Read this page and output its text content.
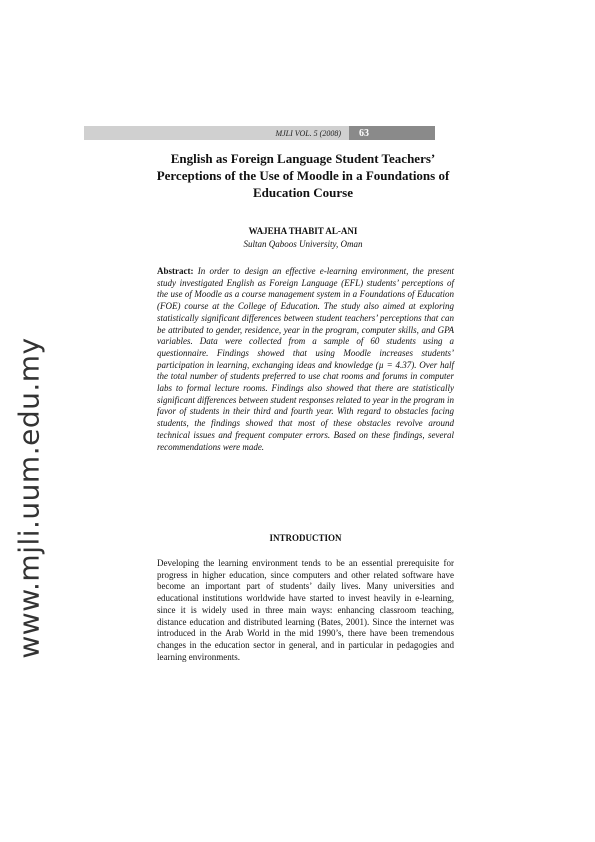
www.mjli.uum.edu.my
MJLI VOL. 5 (2008)	63
English as Foreign Language Student Teachers’ Perceptions of the Use of Moodle in a Foundations of Education Course
WAJEHA THABIT AL-ANI
Sultan Qaboos University, Oman

Abstract: In order to design an effective e-learning environment, the present study investigated English as Foreign Language (EFL) students’ perceptions of the use of Moodle as a course management system in a Foundations of Education (FOE) course at the College of Education. The study also aimed at exploring statistically significant differences between student teachers’ perceptions that can be attributed to gender, residence, year in the program, computer skills, and GPA variables. Data were collected from a sample of 60 students using a questionnaire. Findings showed that using Moodle increases students’ participation in learning, exchanging ideas and knowledge (µ = 4.37). Over half the total number of students preferred to use chat rooms and forums in computer labs to formal lecture rooms. Findings also showed that there are statistically significant differences between student responses related to year in the program in favor of students in their third and fourth year. With regard to obstacles facing students, the findings showed that most of these obstacles revolve around technical issues and frequent computer errors. Based on these findings, several recommendations were made.

INTRODUCTION

Developing the learning environment tends to be an essential prerequisite for progress in higher education, since computers and other related software have become an important part of students’ daily lives. Many universities and educational institutions worldwide have started to invest heavily in e-learning, since it is widely used in three main ways: enhancing classroom teaching, distance education and distributed learning (Bates, 2001). Since the internet was introduced in the Arab World in the mid 1990’s, there have been tremendous changes in the education sector in general, and in particular in pedagogies and learning environments.
